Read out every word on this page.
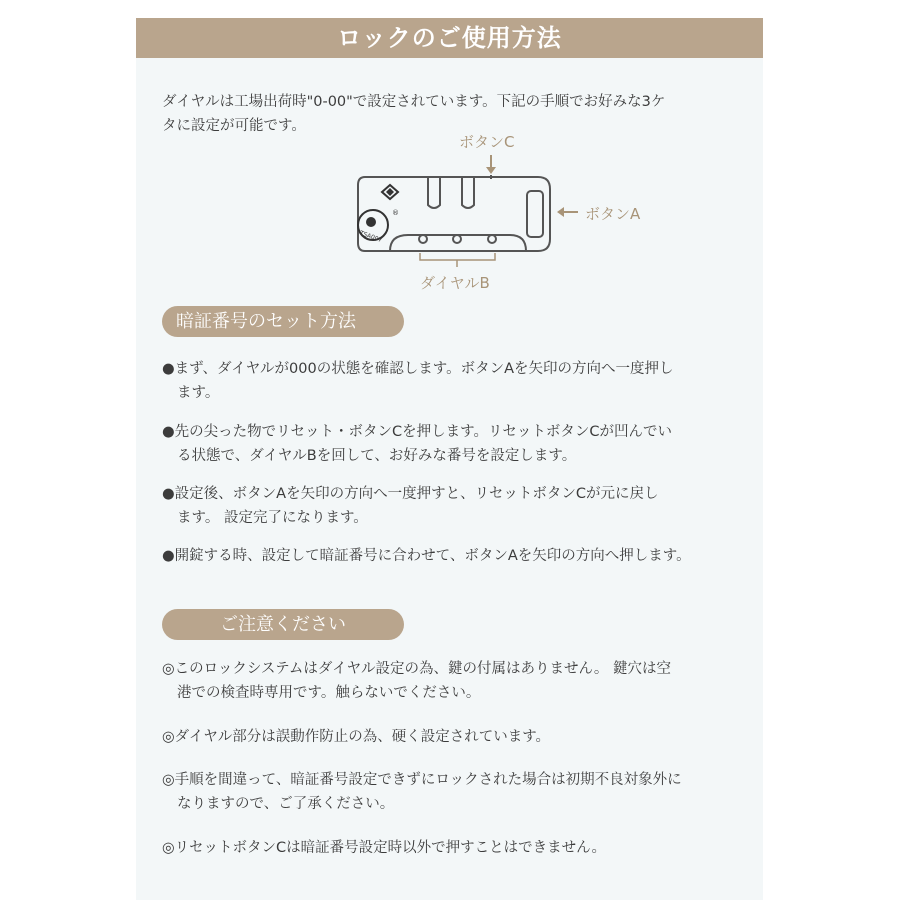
ロックのご使用方法
ダイヤルは工場出荷時"0-00"で設定されています。下記の手順でお好みな3ケ
タに設定が可能です。
ボタンC
ボタンA
ダイヤルB
TSA007
®
暗証番号のセット方法
●まず、ダイヤルが000の状態を確認します。ボタンAを矢印の方向へ一度押し
ます。
●先の尖った物でリセット・ボタンCを押します。リセットボタンCが凹んでい
る状態で、ダイヤルBを回して、お好みな番号を設定します。
●設定後、ボタンAを矢印の方向へ一度押すと、リセットボタンCが元に戻し
ます。 設定完了になります。
●開錠する時、設定して暗証番号に合わせて、ボタンAを矢印の方向へ押します。
ご注意ください
◎このロックシステムはダイヤル設定の為、鍵の付属はありません。 鍵穴は空
港での検査時専用です。触らないでください。
◎ダイヤル部分は誤動作防止の為、硬く設定されています。
◎手順を間違って、暗証番号設定できずにロックされた場合は初期不良対象外に
なりますので、ご了承ください。
◎リセットボタンCは暗証番号設定時以外で押すことはできません。
